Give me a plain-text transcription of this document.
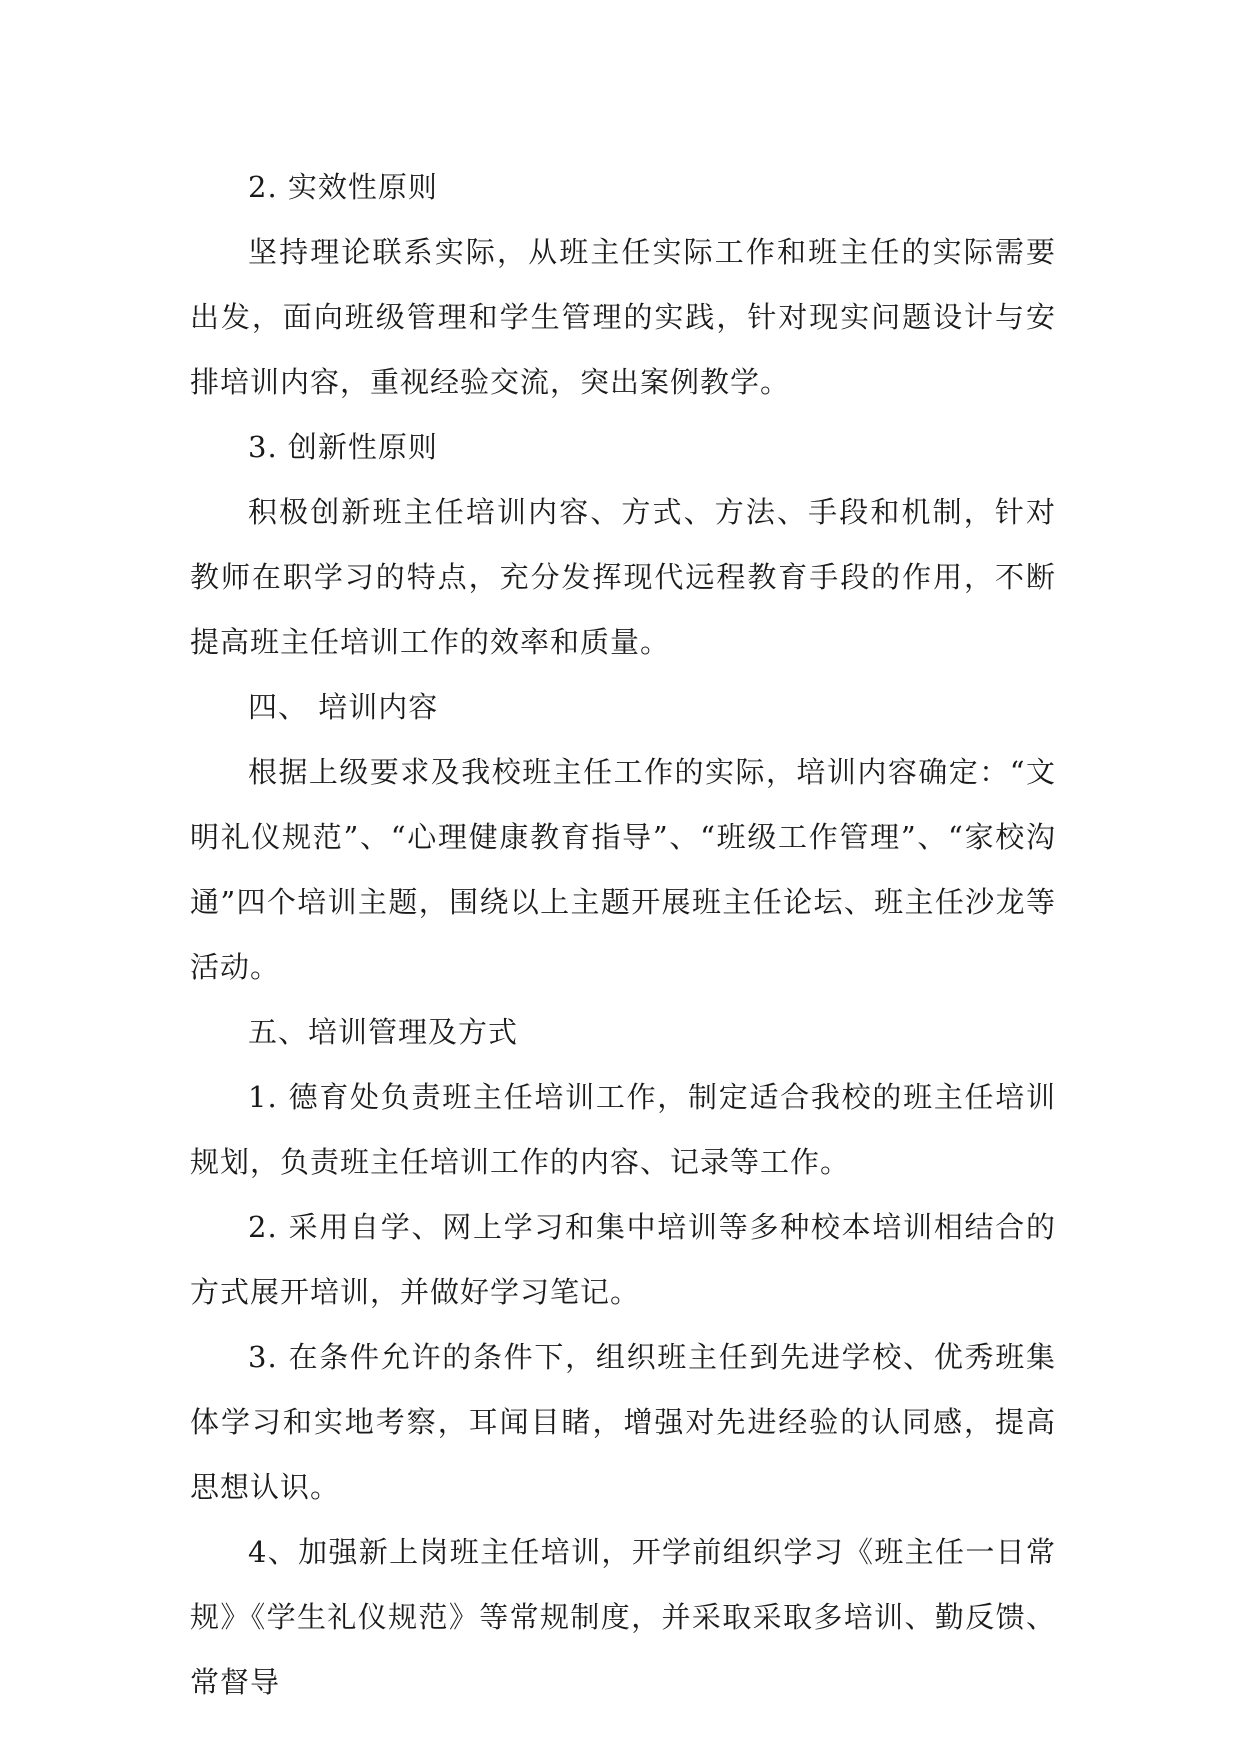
2. 实效性原则

坚持理论联系实际，从班主任实际工作和班主任的实际需要出发，面向班级管理和学生管理的实践，针对现实问题设计与安排培训内容，重视经验交流，突出案例教学。

3. 创新性原则

积极创新班主任培训内容、方式、方法、手段和机制，针对教师在职学习的特点，充分发挥现代远程教育手段的作用，不断提高班主任培训工作的效率和质量。

四、 培训内容

根据上级要求及我校班主任工作的实际，培训内容确定：“文明礼仪规范”、“心理健康教育指导”、“班级工作管理”、“家校沟通”四个培训主题，围绕以上主题开展班主任论坛、班主任沙龙等活动。

五、培训管理及方式

1. 德育处负责班主任培训工作，制定适合我校的班主任培训规划，负责班主任培训工作的内容、记录等工作。

2. 采用自学、网上学习和集中培训等多种校本培训相结合的方式展开培训，并做好学习笔记。

3. 在条件允许的条件下，组织班主任到先进学校、优秀班集体学习和实地考察，耳闻目睹，增强对先进经验的认同感，提高思想认识。

4、加强新上岗班主任培训，开学前组织学习《班主任一日常规》《学生礼仪规范》等常规制度，并采取采取多培训、勤反馈、常督导
